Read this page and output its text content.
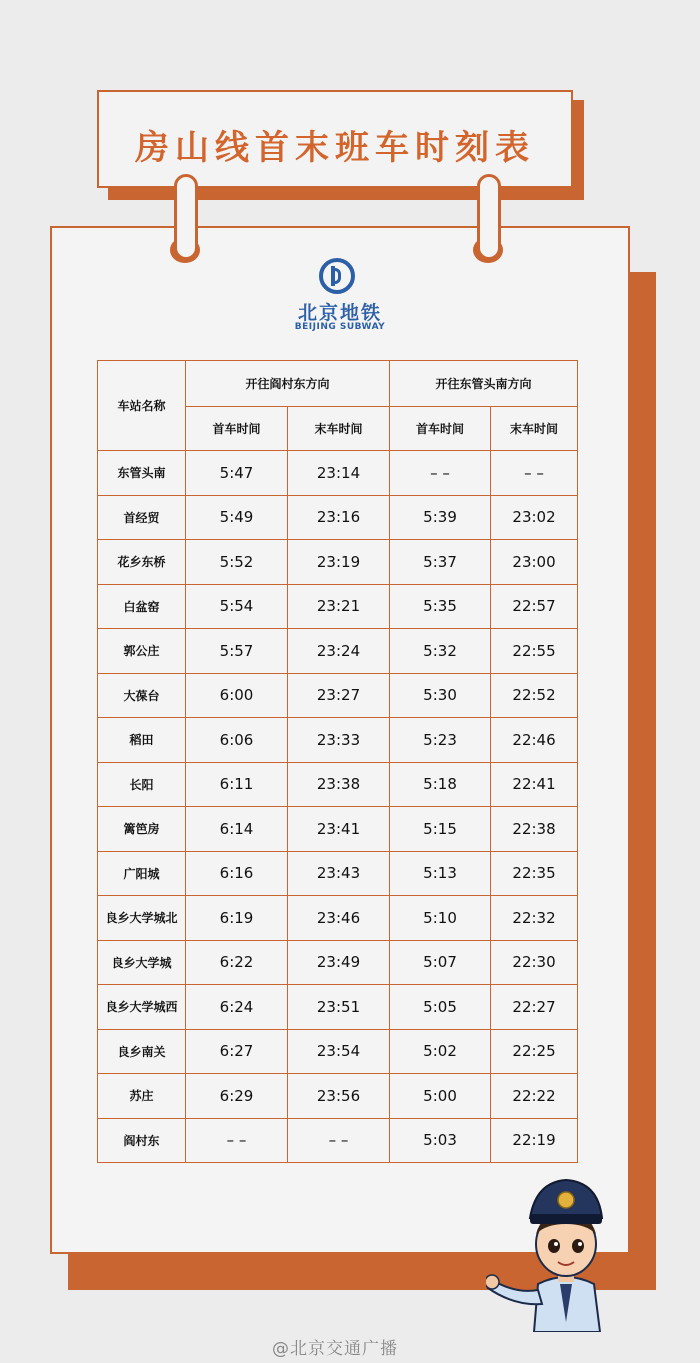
房山线首末班车时刻表
北京地铁
BEIJING SUBWAY
车站名称	开往阎村东方向		开往东管头南方向	
	首车时间	末车时间	首车时间	末车时间
东管头南	5:47	23:14	– –	– –
首经贸	5:49	23:16	5:39	23:02
花乡东桥	5:52	23:19	5:37	23:00
白盆窑	5:54	23:21	5:35	22:57
郭公庄	5:57	23:24	5:32	22:55
大葆台	6:00	23:27	5:30	22:52
稻田	6:06	23:33	5:23	22:46
长阳	6:11	23:38	5:18	22:41
篱笆房	6:14	23:41	5:15	22:38
广阳城	6:16	23:43	5:13	22:35
良乡大学城北	6:19	23:46	5:10	22:32
良乡大学城	6:22	23:49	5:07	22:30
良乡大学城西	6:24	23:51	5:05	22:27
良乡南关	6:27	23:54	5:02	22:25
苏庄	6:29	23:56	5:00	22:22
阎村东	– –	– –	5:03	22:19
@北京交通广播
